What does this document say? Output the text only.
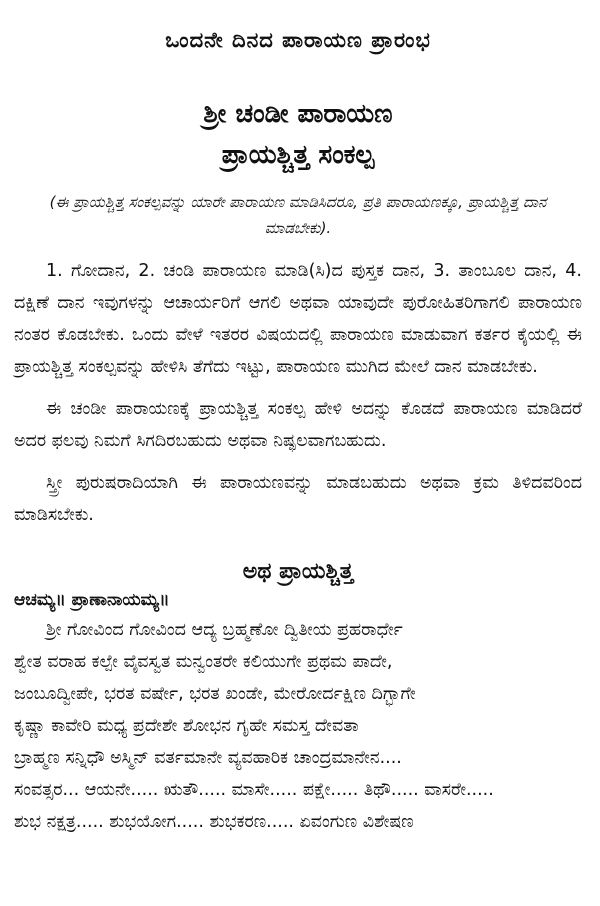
ಒಂದನೇ ದಿನದ ಪಾರಾಯಣ ಪ್ರಾರಂಭ
ಶ್ರೀ ಚಂಡೀ ಪಾರಾಯಣ
ಪ್ರಾಯಶ್ಚಿತ್ತ ಸಂಕಲ್ಪ
(ಈ ಪ್ರಾಯಶ್ಚಿತ್ತ ಸಂಕಲ್ಪವನ್ನು ಯಾರೇ ಪಾರಾಯಣ ಮಾಡಿಸಿದರೂ, ಪ್ರತಿ ಪಾರಾಯಣಕ್ಕೂ, ಪ್ರಾಯಶ್ಚಿತ್ತ ದಾನ ಮಾಡಬೇಕು).

1. ಗೋದಾನ, 2. ಚಂಡಿ ಪಾರಾಯಣ ಮಾಡಿ(ಸಿ)ದ ಪುಸ್ತಕ ದಾನ, 3. ತಾಂಬೂಲ ದಾನ, 4. ದಕ್ಷಿಣೆ ದಾನ ಇವುಗಳನ್ನು ಆಚಾರ್ಯರಿಗೆ ಆಗಲಿ ಅಥವಾ ಯಾವುದೇ ಪುರೋಹಿತರಿಗಾಗಲಿ ಪಾರಾಯಣ ನಂತರ ಕೊಡಬೇಕು. ಒಂದು ವೇಳೆ ಇತರರ ವಿಷಯದಲ್ಲಿ ಪಾರಾಯಣ ಮಾಡುವಾಗ ಕರ್ತರ ಕೈಯಲ್ಲಿ ಈ ಪ್ರಾಯಶ್ಚಿತ್ತ ಸಂಕಲ್ಪವನ್ನು ಹೇಳಿಸಿ ತೆಗೆದು ಇಟ್ಟು, ಪಾರಾಯಣ ಮುಗಿದ ಮೇಲೆ ದಾನ ಮಾಡಬೇಕು.

ಈ ಚಂಡೀ ಪಾರಾಯಣಕ್ಕೆ ಪ್ರಾಯಶ್ಚಿತ್ತ ಸಂಕಲ್ಪ ಹೇಳಿ ಅದನ್ನು ಕೊಡದೆ ಪಾರಾಯಣ ಮಾಡಿದರೆ ಅದರ ಫಲವು ನಿಮಗೆ ಸಿಗದಿರಬಹುದು ಅಥವಾ ನಿಷ್ಫಲವಾಗಬಹುದು.

ಸ್ತ್ರೀ ಪುರುಷರಾದಿಯಾಗಿ ಈ ಪಾರಾಯಣವನ್ನು ಮಾಡಬಹುದು ಅಥವಾ ಕ್ರಮ ತಿಳಿದವರಿಂದ ಮಾಡಿಸಬೇಕು.

ಅಥ ಪ್ರಾಯಶ್ಚಿತ್ತ
ಆಚಮ್ಯ॥ ಪ್ರಾಣಾನಾಯಮ್ಯ॥
ಶ್ರೀ ಗೋವಿಂದ ಗೋವಿಂದ ಆದ್ಯ ಬ್ರಹ್ಮಣೋ ದ್ವಿತೀಯ ಪ್ರಹರಾರ್ಧೇ
ಶ್ವೇತ ವರಾಹ ಕಲ್ಪೇ ವೈವಸ್ವತ ಮನ್ವಂತರೇ ಕಲಿಯುಗೇ ಪ್ರಥಮ ಪಾದೇ,
ಜಂಬೂದ್ವೀಪೇ, ಭರತ ವರ್ಷೇ, ಭರತ ಖಂಡೇ, ಮೇರೋರ್ದಕ್ಷಿಣ ದಿಗ್ಭಾಗೇ
ಕೃಷ್ಣಾ ಕಾವೇರಿ ಮಧ್ಯ ಪ್ರದೇಶೇ ಶೋಭನ ಗೃಹೇ ಸಮಸ್ತ ದೇವತಾ
ಬ್ರಾಹ್ಮಣ ಸನ್ನಿಧೌ ಅಸ್ಮಿನ್ ವರ್ತಮಾನೇ ವ್ಯವಹಾರಿಕ ಚಾಂದ್ರಮಾನೇನ....
ಸಂವತ್ಸರ... ಆಯನೇ..... ಋತೌ..... ಮಾಸೇ..... ಪಕ್ಷೇ..... ತಿಥೌ..... ವಾಸರೇ.....
ಶುಭ ನಕ್ಷತ್ರ..... ಶುಭಯೋಗ..... ಶುಭಕರಣ..... ಏವಂಗುಣ ವಿಶೇಷಣ
